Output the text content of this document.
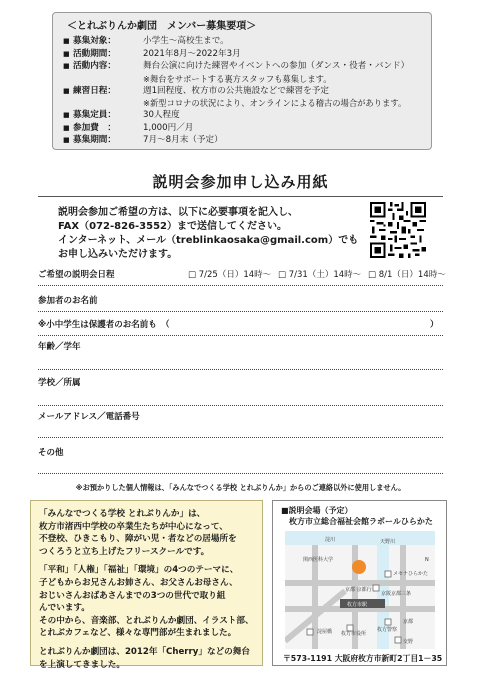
＜とれぶりんか劇団　メンバー募集要項＞
■ 募集対象：	小学生～高校生まで。
■ 活動期間：	2021年8月～2022年3月
■ 活動内容：	舞台公演に向けた練習やイベントへの参加（ダンス・役者・バンド）
※舞台をサポートする裏方スタッフも募集します。
■ 練習日程：	週1回程度、枚方市の公共施設などで練習を予定
※新型コロナの状況により、オンラインによる稽古の場合があります。
■ 募集定員：	30人程度
■ 参加費　：	1,000円／月
■ 募集期間：	7月～8月末（予定）
説明会参加申し込み用紙
説明会参加ご希望の方は、以下に必要事項を記入し、
FAX（072-826-3552）まで送信してください。
インターネット、メール（treblinkaosaka@gmail.com）でも
お申し込みいただけます。
ご希望の説明会日程	□ 7/25（日）14時～ □ 7/31（土）14時～ □ 8/1（日）14時～
参加者のお名前
※小中学生は保護者のお名前も　（	）
年齢／学年
学校／所属
メールアドレス／電話番号
その他
※お預かりした個人情報は、「みんなでつくる学校 とれぶりんか」からのご連絡以外に使用しません。

「みんなでつくる学校 とれぶりんか」は、
枚方市渚西中学校の卒業生たちが中心になって、
不登校、ひきこもり、障がい児・者などの居場所を
つくろうと立ち上げたフリースクールです。

「平和」「人権」「福祉」「環境」の4つのテーマに、
子どもからお兄さんお姉さん、お父さんお母さん、
おじいさんおばあさんまでの3つの世代で取り組
んでいます。
その中から、音楽部、とれぶりんか劇団、イラスト部、
とれぶカフェなど、様々な専門部が生まれました。

とれぶりんか劇団は、2012年「Cherry」などの舞台
を上演してきました。

■説明会場（予定）
枚方市立総合福祉会館ラポールひらかた
淀川	天野川
関西医科大学
メセナひらかた
京阪京都三条
京都 京都行
枚方市駅
枚方市役所
淀屋橋	枚方警察
交野
京都
N
〒573-1191 大阪府枚方市新町2丁目1－35
